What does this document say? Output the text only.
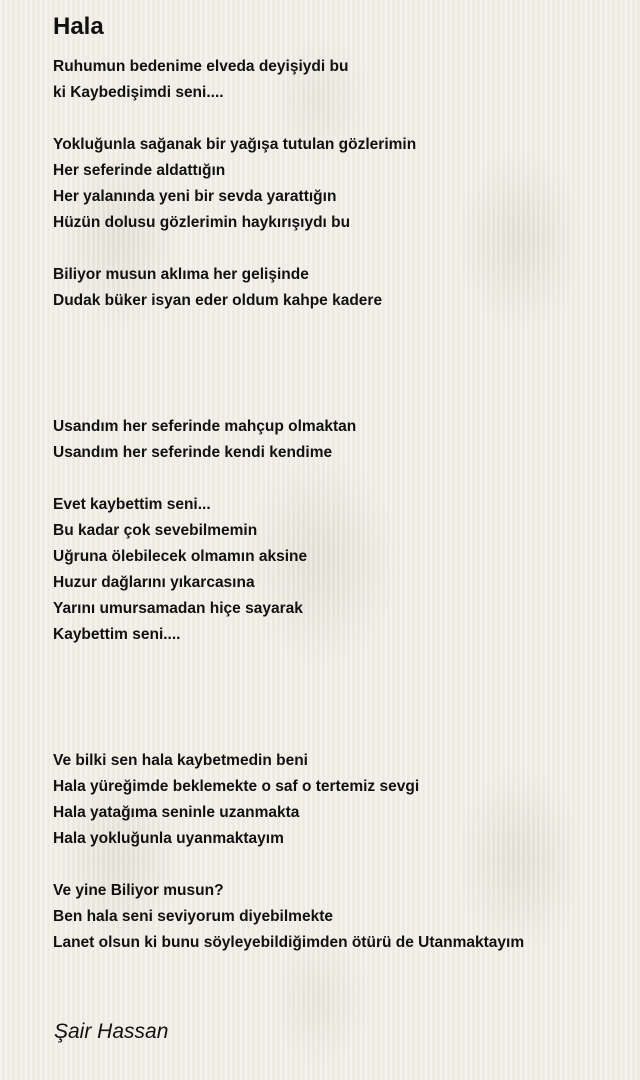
Hala
Ruhumun bedenime elveda deyişiydi bu
ki Kaybedişimdi seni....
Yokluğunla sağanak bir yağışa tutulan gözlerimin
Her seferinde aldattığın
Her yalanında yeni bir sevda yarattığın
Hüzün dolusu gözlerimin haykırışıydı bu
Biliyor musun aklıma her gelişinde
Dudak büker isyan eder oldum kahpe kadere
Usandım her seferinde mahçup olmaktan
Usandım her seferinde kendi kendime
Evet kaybettim seni...
Bu kadar çok sevebilmemin
Uğruna ölebilecek olmamın aksine
Huzur dağlarını yıkarcasına
Yarını umursamadan hiçe sayarak
Kaybettim seni....
Ve bilki sen hala kaybetmedin beni
Hala yüreğimde beklemekte o saf o tertemiz sevgi
Hala yatağıma seninle uzanmakta
Hala yokluğunla uyanmaktayım
Ve yine Biliyor musun?
Ben hala seni seviyorum diyebilmekte
Lanet olsun ki bunu söyleyebildiğimden ötürü de Utanmaktayım
Şair Hassan
